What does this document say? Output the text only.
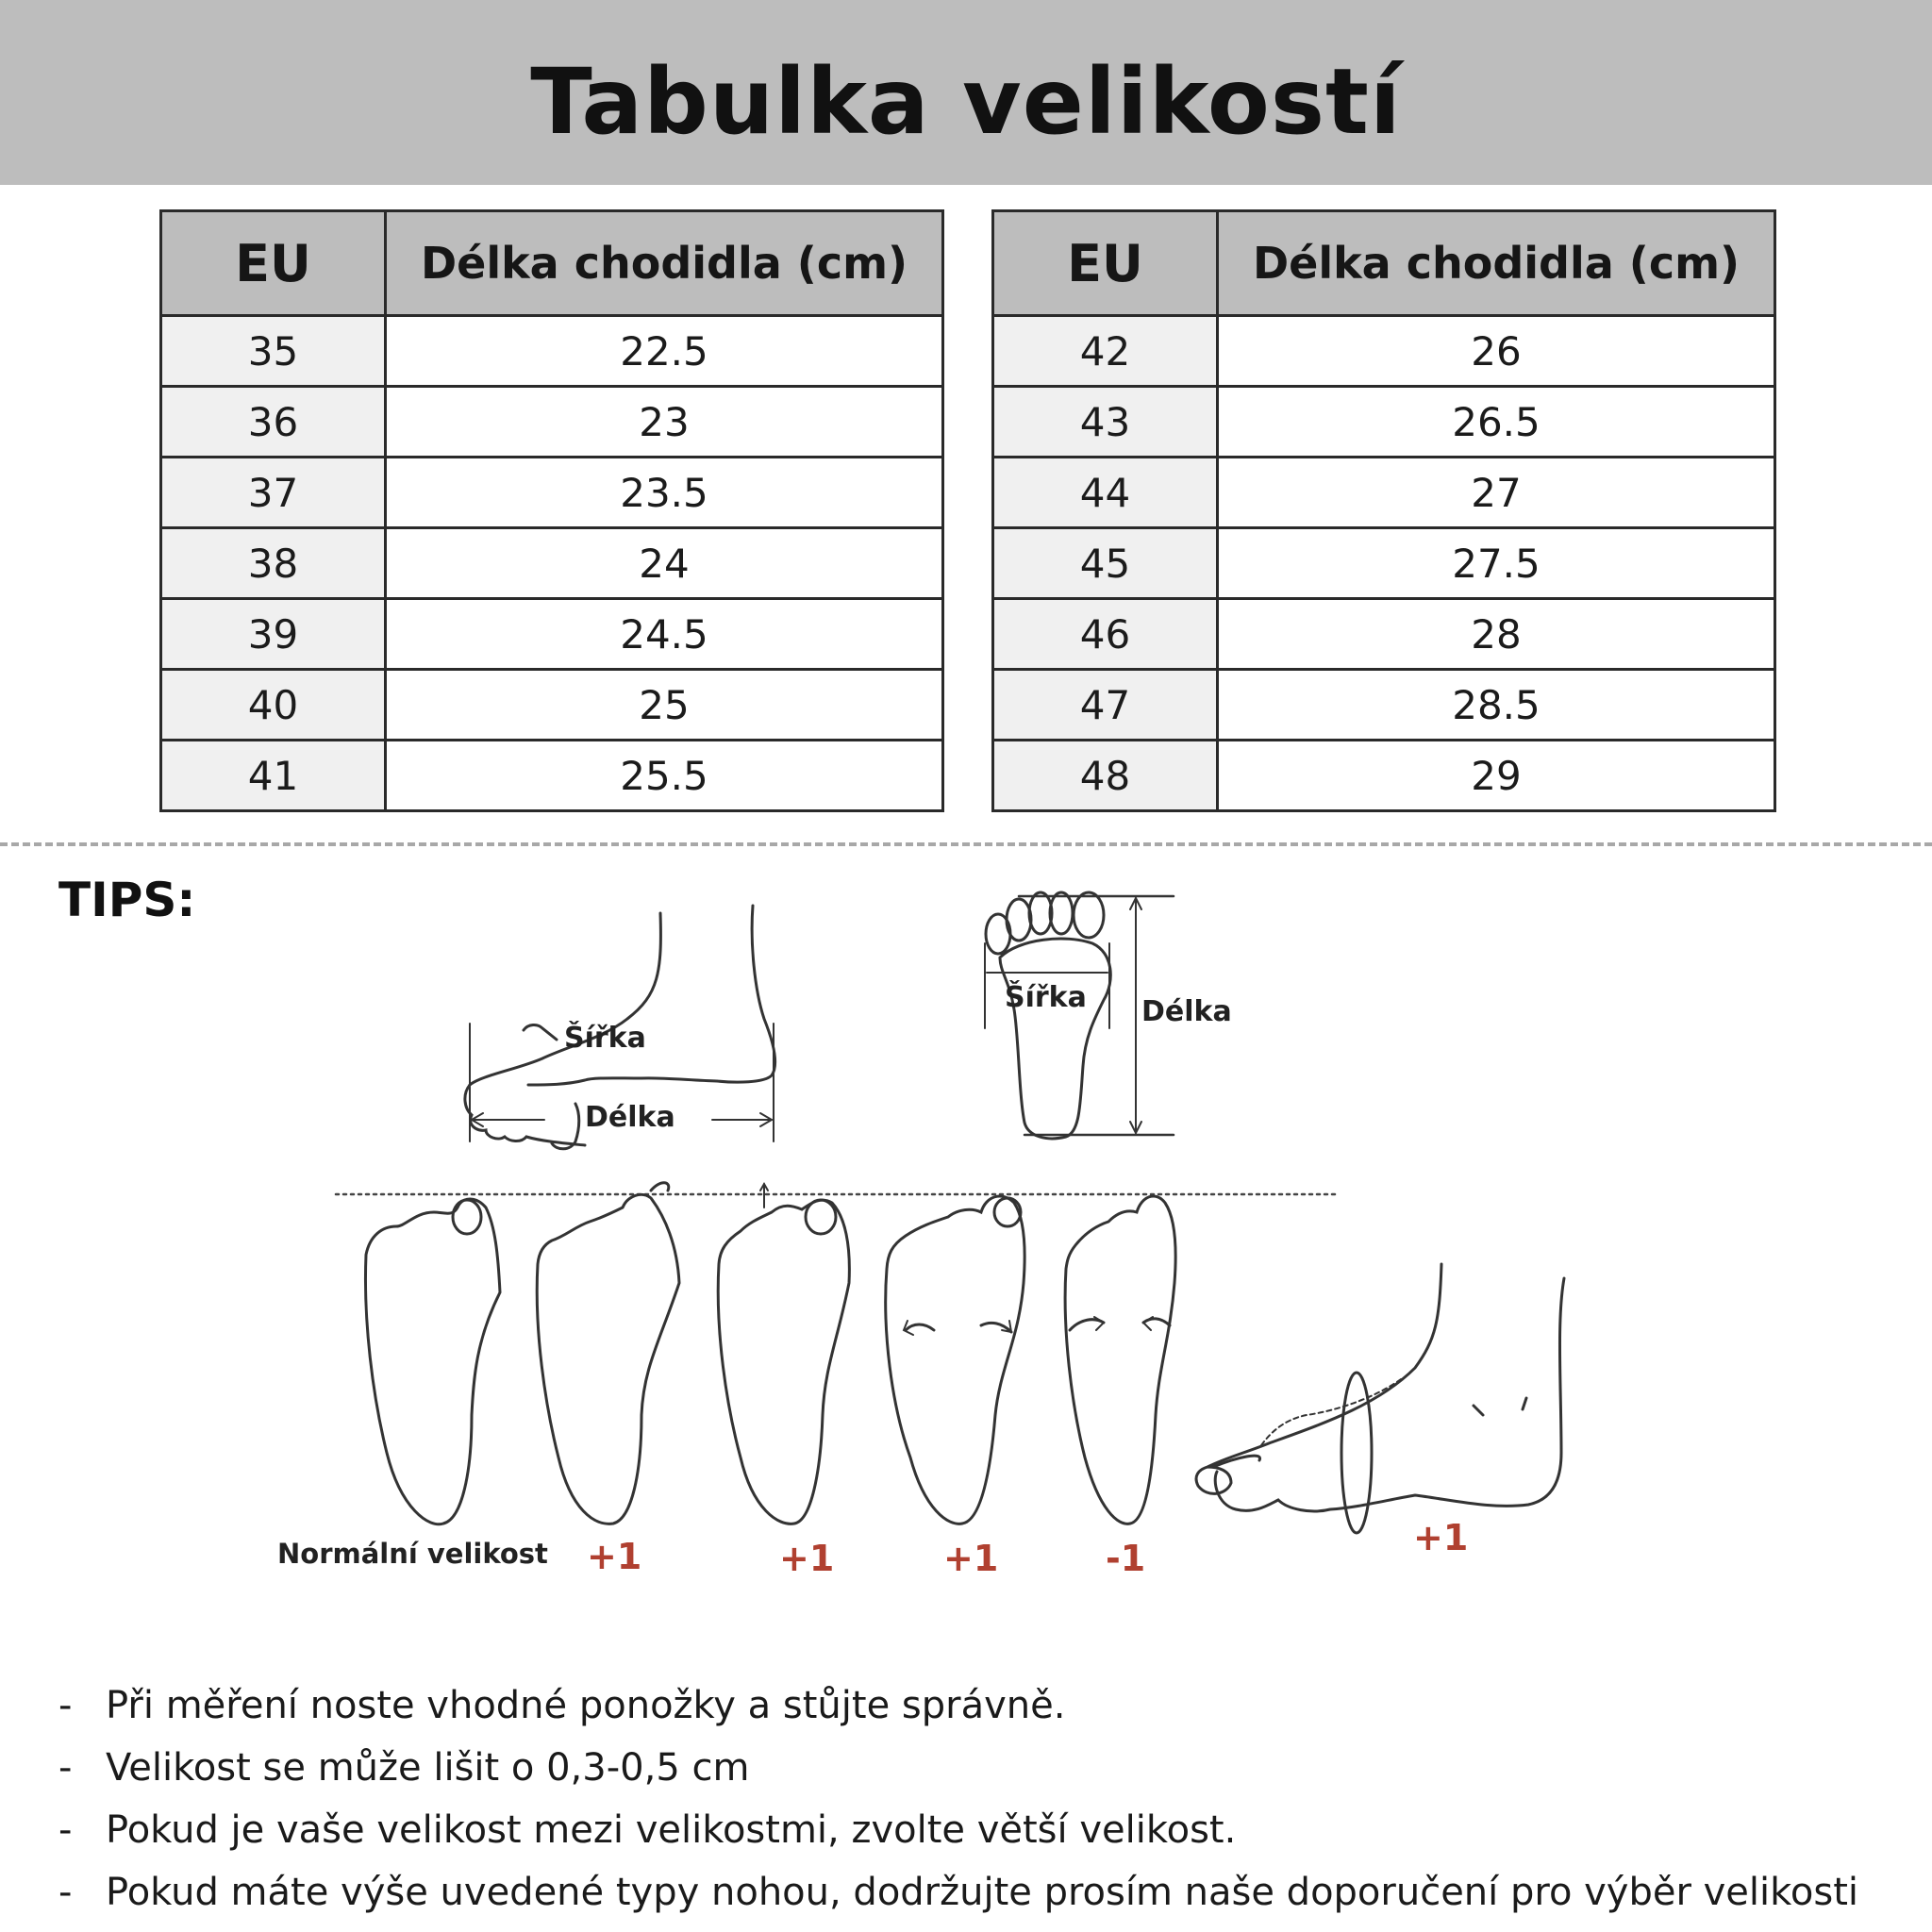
Tabulka velikostí
EU	Délka chodidla (cm)
35	22.5
36	23
37	23.5
38	24
39	24.5
40	25
41	25.5
EU	Délka chodidla (cm)
42	26
43	26.5
44	27
45	27.5
46	28
47	28.5
48	29
TIPS:
Šířka
Délka
Šířka Délka
Normální velikost +1	+1	+1	-1	+1
- Při měření noste vhodné ponožky a stůjte správně.
- Velikost se může lišit o 0,3-0,5 cm
- Pokud je vaše velikost mezi velikostmi, zvolte větší velikost.
- Pokud máte výše uvedené typy nohou, dodržujte prosím naše doporučení pro výběr velikosti
